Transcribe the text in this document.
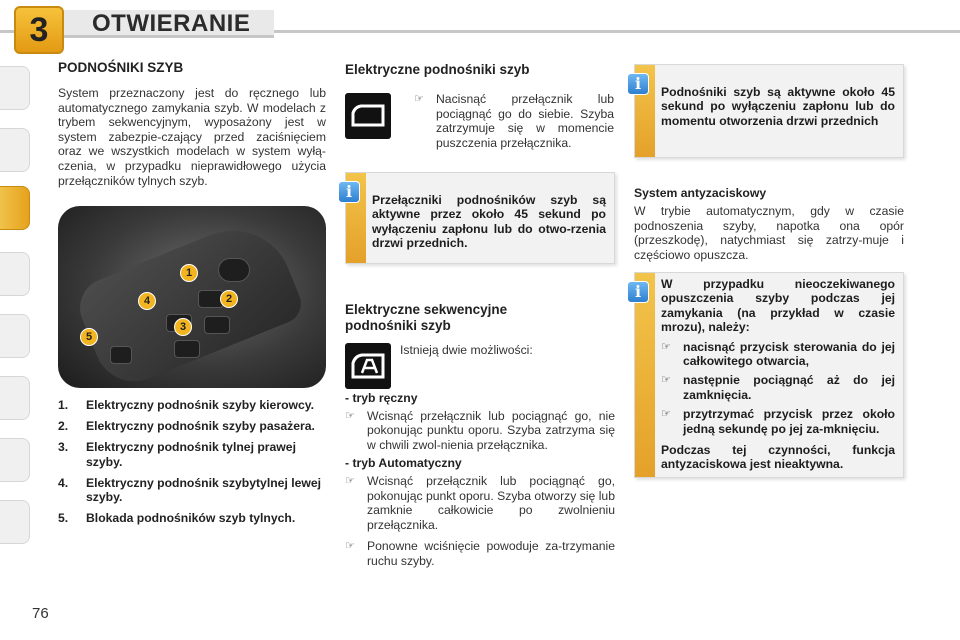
3	OTWIERANIE
PODNOŚNIKI SZYB

System przeznaczony jest do ręcznego lub automatycznego zamykania szyb. W modelach z trybem sekwencyjnym, wyposażony jest w system zabezpie-czający przed zaciśnięciem oraz we wszystkich modelach w system wyłą-czenia, w przypadku nieprawidłowego użycia przełączników tylnych szyb.

1
2
3
4
5
1.	Elektryczny podnośnik szyby kierowcy.
2.	Elektryczny podnośnik szyby pasażera.
3.	Elektryczny podnośnik tylnej prawej szyby.
4.	Elektryczny podnośnik szybytylnej lewej szyby.
5.	Blokada podnośników szyb tylnych.
76
Elektryczne podnośniki szyb
☞ Nacisnąć przełącznik lub pociągnąć go do siebie. Szyba zatrzymuje się w momencie puszczenia przełącznika.
i	Przełączniki podnośników szyb są aktywne przez około 45 sekund po wyłączeniu zapłonu lub do otwo-rzenia drzwi przednich.
Elektryczne sekwencyjne
podnośniki szyb
Istnieją dwie możliwości:
- tryb ręczny
☞ Wcisnąć przełącznik lub pociągnąć go, nie pokonując punktu oporu. Szyba zatrzyma się w chwili zwol-nienia przełącznika.
- tryb Automatyczny
☞ Wcisnąć przełącznik lub pociągnąć go, pokonując punkt oporu. Szyba otworzy się lub zamknie całkowicie po zwolnieniu przełącznika.
☞ Ponowne wciśnięcie powoduje za-trzymanie ruchu szyby.
i	Podnośniki szyb są aktywne około 45 sekund po wyłączeniu zapłonu lub do momentu otworzenia drzwi przednich
System antyzaciskowy

W trybie automatycznym, gdy w czasie podnoszenia szyby, napotka ona opór (przeszkodę), natychmiast się zatrzy-muje i częściowo opuszcza.

i	W przypadku nieoczekiwanego opuszczenia szyby podczas jej zamykania (na przykład w czasie mrozu), należy:
☞ nacisnąć przycisk sterowania do jej całkowitego otwarcia,
☞ następnie pociągnąć aż do jej zamknięcia.
☞ przytrzymać przycisk przez około jedną sekundę po jej za-mknięciu.
Podczas tej czynności, funkcja antyzaciskowa jest nieaktywna.
